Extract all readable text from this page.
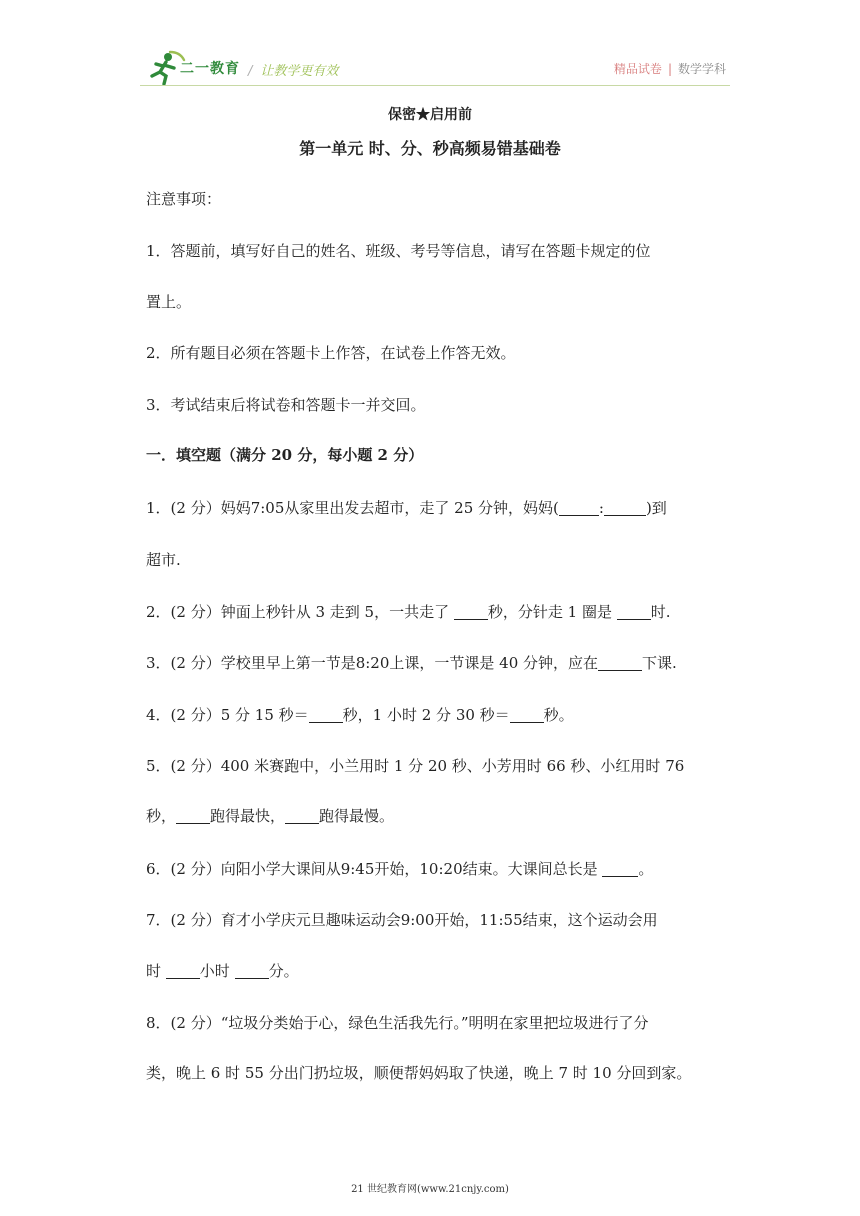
二一教育 / 让教学更有效	精品试卷 | 数学学科
保密★启用前
第一单元 时、分、秒高频易错基础卷
注意事项：
1．答题前，填写好自己的姓名、班级、考号等信息，请写在答题卡规定的位
置上。
2．所有题目必须在答题卡上作答，在试卷上作答无效。
3．考试结束后将试卷和答题卡一并交回。
一．填空题（满分 20 分，每小题 2 分）
1．(2 分）妈妈7:05从家里出发去超市，走了 25 分钟，妈妈(	:	)到
超市.
2．(2 分）钟面上秒针从 3 走到 5，一共走了 秒，分针走 1 圈是 时.
3．(2 分）学校里早上第一节是8:20上课，一节课是 40 分钟，应在	下课.
4．(2 分）5 分 15 秒＝ 秒，1 小时 2 分 30 秒＝ 秒。
5．(2 分）400 米赛跑中，小兰用时 1 分 20 秒、小芳用时 66 秒、小红用时 76
秒， 跑得最快， 跑得最慢。
6．(2 分）向阳小学大课间从9:45开始，10:20结束。大课间总长是 。
7．(2 分）育才小学庆元旦趣味运动会9:00开始，11:55结束，这个运动会用
时 小时 分。
8．(2 分）“垃圾分类始于心，绿色生活我先行。”明明在家里把垃圾进行了分
类，晚上 6 时 55 分出门扔垃圾，顺便帮妈妈取了快递，晚上 7 时 10 分回到家。
21 世纪教育网(www.21cnjy.com)
